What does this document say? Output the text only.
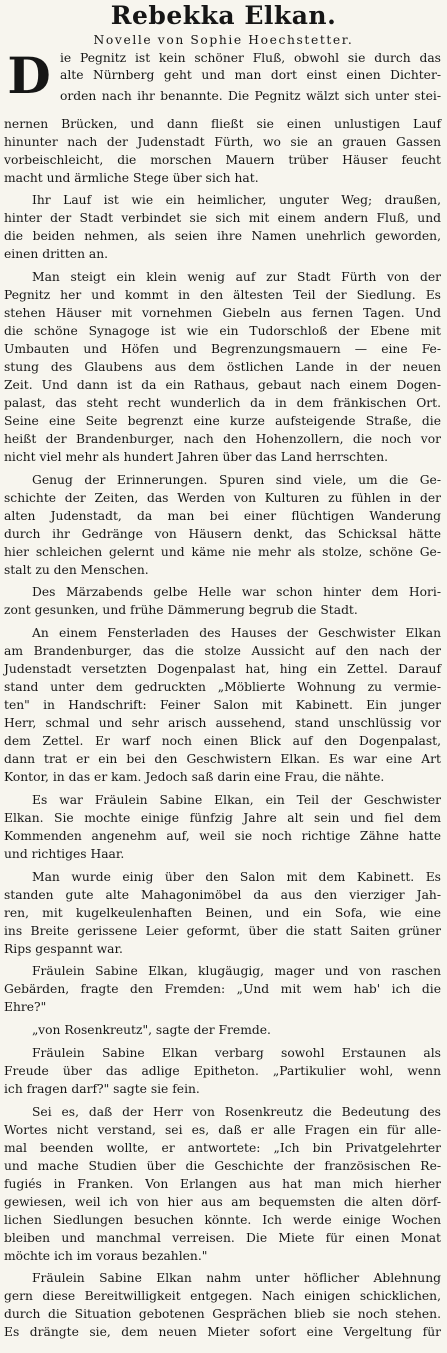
Rebekka Elkan.
Novelle von Sophie Hoechstetter.
D ie Pegnitz ist kein schöner Fluß, obwohl sie durch das
alte Nürnberg geht und man dort einst einen Dichter-
orden nach ihr benannte. Die Pegnitz wälzt sich unter stei-
nernen Brücken, und dann fließt sie einen unlustigen Lauf
hinunter nach der Judenstadt Fürth, wo sie an grauen Gassen
vorbeischleicht, die morschen Mauern trüber Häuser feucht
macht und ärmliche Stege über sich hat.
Ihr Lauf ist wie ein heimlicher, unguter Weg; draußen,
hinter der Stadt verbindet sie sich mit einem andern Fluß, und
die beiden nehmen, als seien ihre Namen unehrlich geworden,
einen dritten an.
Man steigt ein klein wenig auf zur Stadt Fürth von der
Pegnitz her und kommt in den ältesten Teil der Siedlung. Es
stehen Häuser mit vornehmen Giebeln aus fernen Tagen. Und
die schöne Synagoge ist wie ein Tudorschloß der Ebene mit
Umbauten und Höfen und Begrenzungsmauern — eine Fe-
stung des Glaubens aus dem östlichen Lande in der neuen
Zeit. Und dann ist da ein Rathaus, gebaut nach einem Dogen-
palast, das steht recht wunderlich da in dem fränkischen Ort.
Seine eine Seite begrenzt eine kurze aufsteigende Straße, die
heißt der Brandenburger, nach den Hohenzollern, die noch vor
nicht viel mehr als hundert Jahren über das Land herrschten.
Genug der Erinnerungen. Spuren sind viele, um die Ge-
schichte der Zeiten, das Werden von Kulturen zu fühlen in der
alten Judenstadt, da man bei einer flüchtigen Wanderung
durch ihr Gedränge von Häusern denkt, das Schicksal hätte
hier schleichen gelernt und käme nie mehr als stolze, schöne Ge-
stalt zu den Menschen.
Des Märzabends gelbe Helle war schon hinter dem Hori-
zont gesunken, und frühe Dämmerung begrub die Stadt.
An einem Fensterladen des Hauses der Geschwister Elkan
am Brandenburger, das die stolze Aussicht auf den nach der
Judenstadt versetzten Dogenpalast hat, hing ein Zettel. Darauf
stand unter dem gedruckten „Möblierte Wohnung zu vermie-
ten" in Handschrift: Feiner Salon mit Kabinett. Ein junger
Herr, schmal und sehr arisch aussehend, stand unschlüssig vor
dem Zettel. Er warf noch einen Blick auf den Dogenpalast,
dann trat er ein bei den Geschwistern Elkan. Es war eine Art
Kontor, in das er kam. Jedoch saß darin eine Frau, die nähte.
Es war Fräulein Sabine Elkan, ein Teil der Geschwister
Elkan. Sie mochte einige fünfzig Jahre alt sein und fiel dem
Kommenden angenehm auf, weil sie noch richtige Zähne hatte
und richtiges Haar.
Man wurde einig über den Salon mit dem Kabinett. Es
standen gute alte Mahagonimöbel da aus den vierziger Jah-
ren, mit kugelkeulenhaften Beinen, und ein Sofa, wie eine
ins Breite gerissene Leier geformt, über die statt Saiten grüner
Rips gespannt war.
Fräulein Sabine Elkan, klugäugig, mager und von raschen
Gebärden, fragte den Fremden: „Und mit wem hab' ich die
Ehre?"
„von Rosenkreutz", sagte der Fremde.
Fräulein Sabine Elkan verbarg sowohl Erstaunen als
Freude über das adlige Epitheton. „Partikulier wohl, wenn
ich fragen darf?" sagte sie fein.
Sei es, daß der Herr von Rosenkreutz die Bedeutung des
Wortes nicht verstand, sei es, daß er alle Fragen ein für alle-
mal beenden wollte, er antwortete: „Ich bin Privatgelehrter
und mache Studien über die Geschichte der französischen Re-
fugiés in Franken. Von Erlangen aus hat man mich hierher
gewiesen, weil ich von hier aus am bequemsten die alten dörf-
lichen Siedlungen besuchen könnte. Ich werde einige Wochen
bleiben und manchmal verreisen. Die Miete für einen Monat
möchte ich im voraus bezahlen."
Fräulein Sabine Elkan nahm unter höflicher Ablehnung
gern diese Bereitwilligkeit entgegen. Nach einigen schicklichen,
durch die Situation gebotenen Gesprächen blieb sie noch stehen.
Es drängte sie, dem neuen Mieter sofort eine Vergeltung für
